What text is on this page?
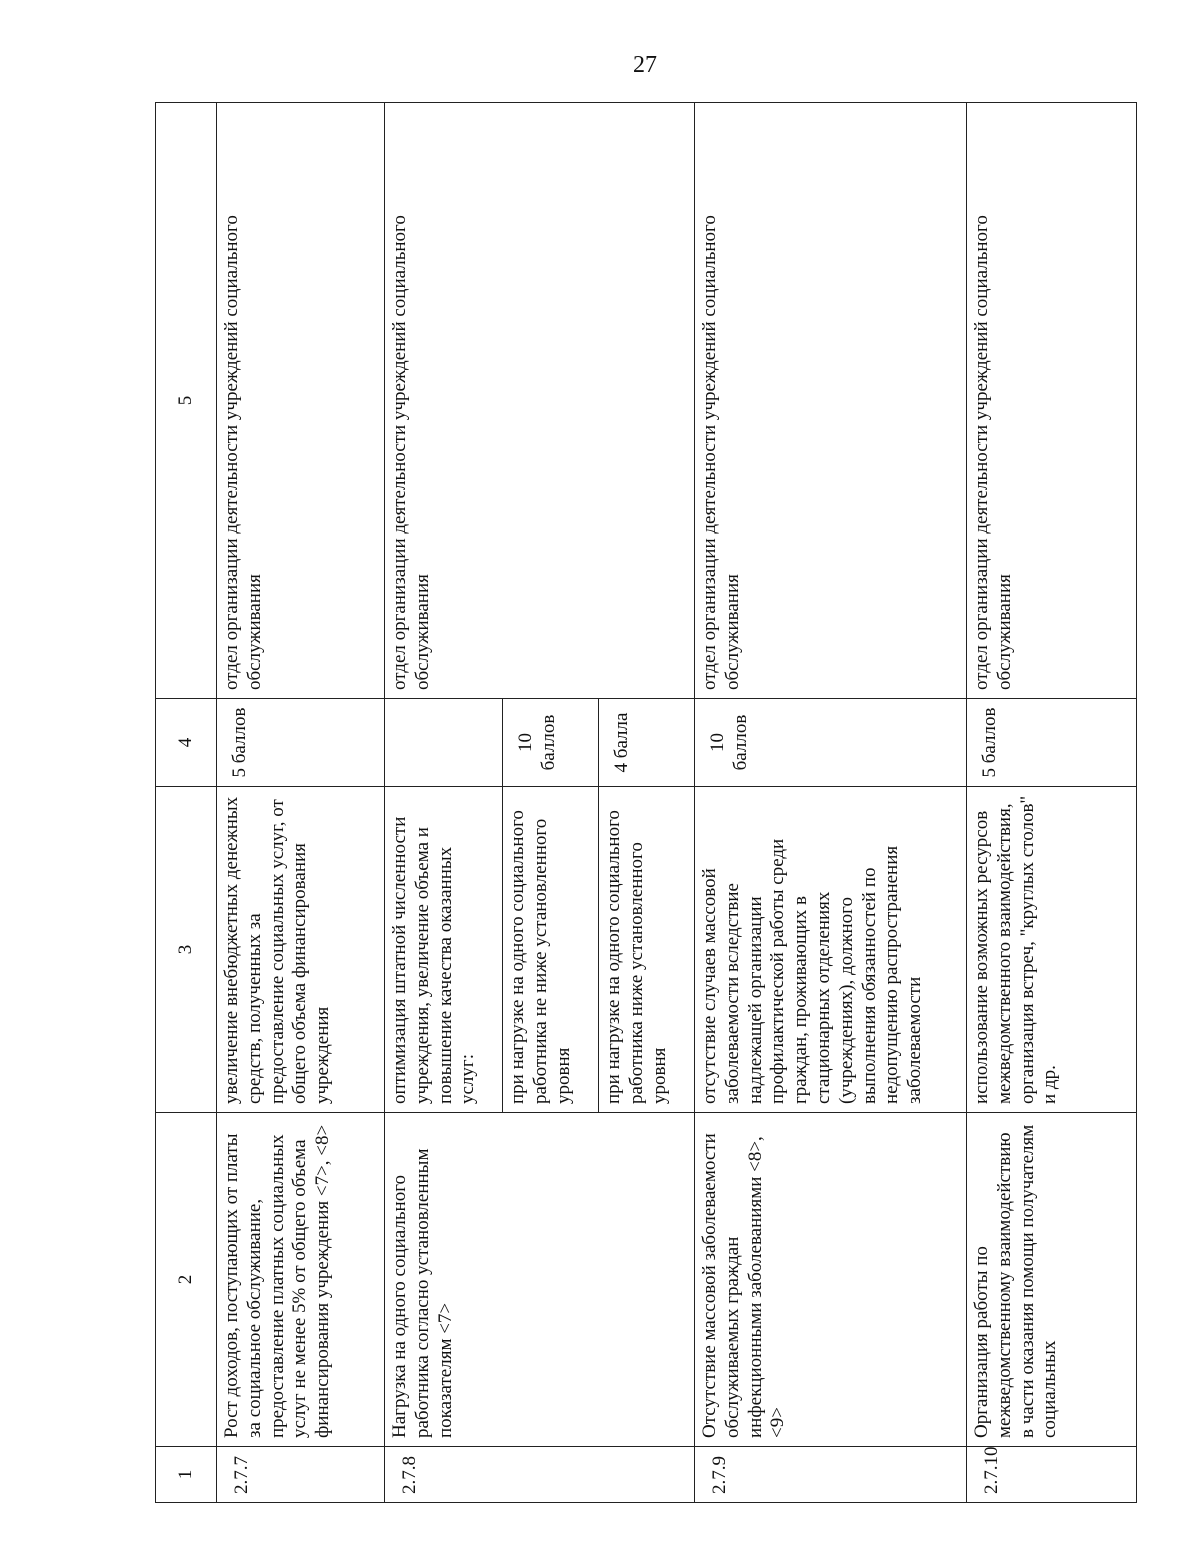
27
1	2	3	4	5
2.7.7	Рост доходов, поступающих от платы за социальное обслуживание, предоставление платных социальных услуг не менее 5% от общего объема финансирования учреждения <7>, <8>	увеличение внебюджетных денежных средств, полученных за предоставление социальных услуг, от общего объема финансирования учреждения	5 баллов	отдел организации деятельности учреждений социального обслуживания
2.7.8	Нагрузка на одного социального работника согласно установленным показателям <7>	оптимизация штатной численности учреждения, увеличение объема и повышение качества оказанных услуг:		отдел организации деятельности учреждений социального обслуживания
		при нагрузке на одного социального работника не ниже установленного уровня	10 баллов	
		при нагрузке на одного социального работника ниже установленного уровня	4 балла	
2.7.9	Отсутствие массовой заболеваемости обслуживаемых граждан инфекционными заболеваниями <8>, <9>	отсутствие случаев массовой заболеваемости вследствие надлежащей организации профилактической работы среди граждан, проживающих в стационарных отделениях (учреждениях), должного выполнения обязанностей по недопущению распространения заболеваемости	10 баллов	отдел организации деятельности учреждений социального обслуживания
2.7.10	Организация работы по межведомственному взаимодействию в части оказания помощи получателям социальных	использование возможных ресурсов межведомственного взаимодействия, организация встреч, "круглых столов" и др.	5 баллов	отдел организации деятельности учреждений социального обслуживания
